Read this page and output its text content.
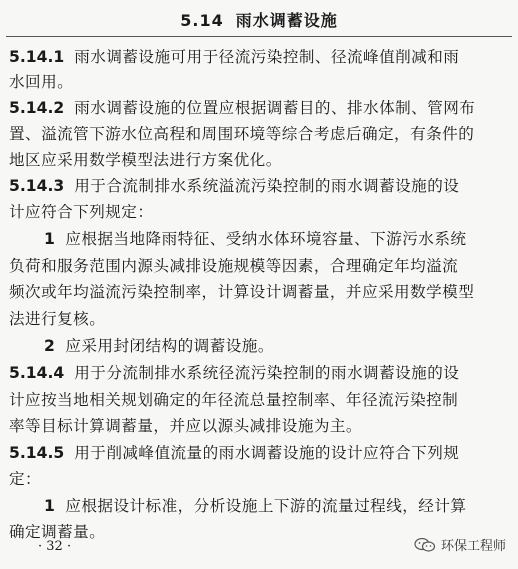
5.14 雨水调蓄设施
5.14.1 雨水调蓄设施可用于径流污染控制、径流峰值削减和雨
水回用。
5.14.2 雨水调蓄设施的位置应根据调蓄目的、排水体制、管网布
置、溢流管下游水位高程和周围环境等综合考虑后确定，有条件的
地区应采用数学模型法进行方案优化。
5.14.3 用于合流制排水系统溢流污染控制的雨水调蓄设施的设
计应符合下列规定：
1 应根据当地降雨特征、受纳水体环境容量、下游污水系统
负荷和服务范围内源头减排设施规模等因素，合理确定年均溢流
频次或年均溢流污染控制率，计算设计调蓄量，并应采用数学模型
法进行复核。
2 应采用封闭结构的调蓄设施。
5.14.4 用于分流制排水系统径流污染控制的雨水调蓄设施的设
计应按当地相关规划确定的年径流总量控制率、年径流污染控制
率等目标计算调蓄量，并应以源头减排设施为主。
5.14.5 用于削减峰值流量的雨水调蓄设施的设计应符合下列规
定：
1 应根据设计标准，分析设施上下游的流量过程线，经计算
确定调蓄量。
· 32 ·	环保工程师
